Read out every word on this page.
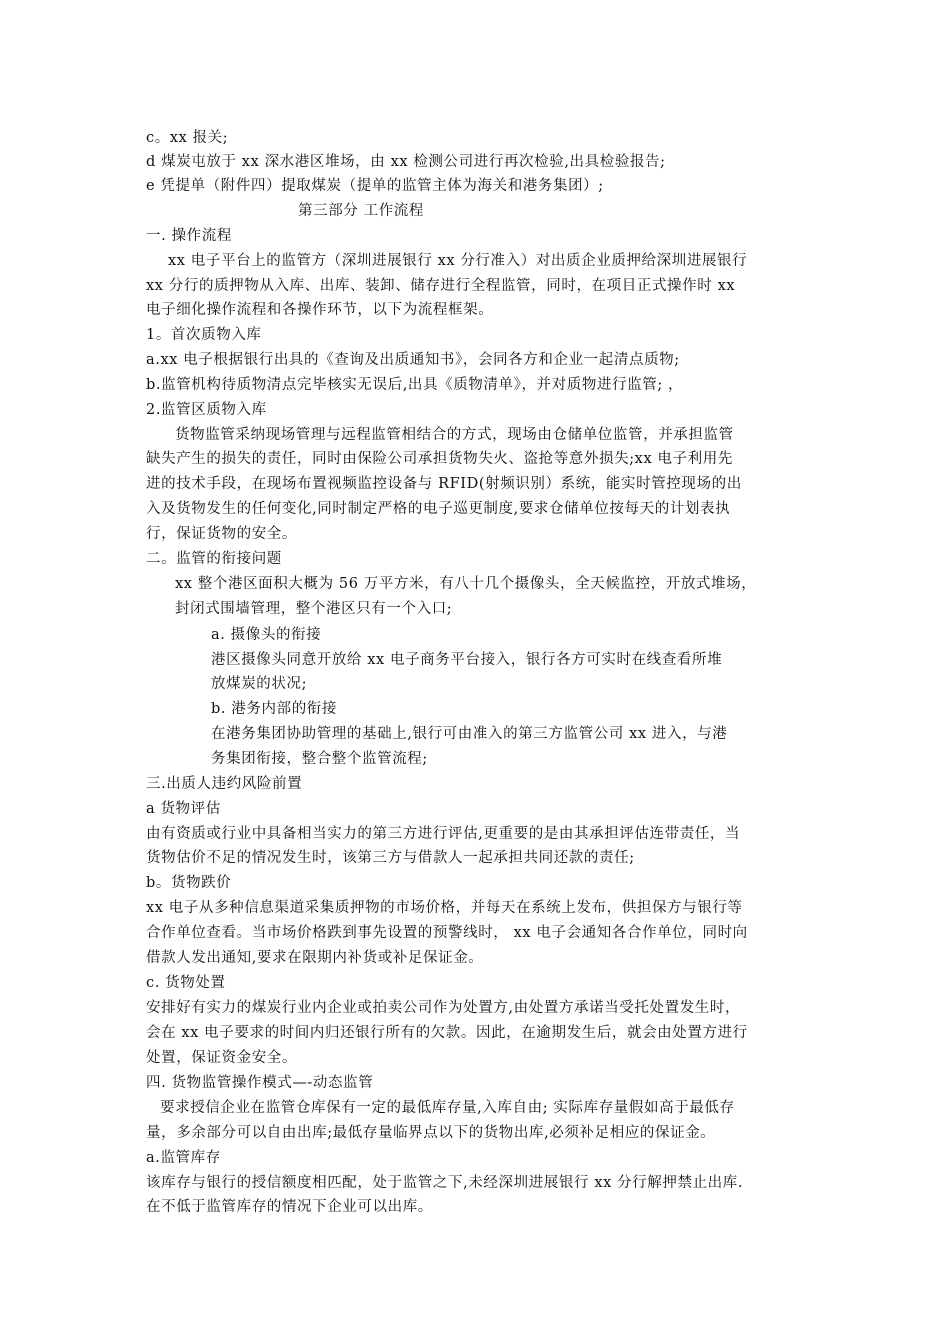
c。xx 报关;
d 煤炭屯放于 xx 深水港区堆场，由 xx 检测公司进行再次检验,出具检验报告;
e 凭提单（附件四）提取煤炭（提单的监管主体为海关和港务集团）;
第三部分 工作流程
一. 操作流程
xx 电子平台上的监管方（深圳进展银行 xx 分行准入）对出质企业质押给深圳进展银行
xx 分行的质押物从入库、出库、装卸、储存进行全程监管，同时，在项目正式操作时 xx
电子细化操作流程和各操作环节，以下为流程框架。
1。首次质物入库
a.xx 电子根据银行出具的《查询及出质通知书》，会同各方和企业一起清点质物;
b.监管机构待质物清点完毕核实无误后,出具《质物清单》，并对质物进行监管; ，
2.监管区质物入库
货物监管采纳现场管理与远程监管相结合的方式，现场由仓储单位监管，并承担监管
缺失产生的损失的责任，同时由保险公司承担货物失火、盗抢等意外损失;xx 电子利用先
进的技术手段，在现场布置视频监控设备与 RFID(射频识别）系统，能实时管控现场的出
入及货物发生的任何变化,同时制定严格的电子巡更制度,要求仓储单位按每天的计划表执
行，保证货物的安全。
二。监管的衔接问题
xx 整个港区面积大概为 56 万平方米，有八十几个摄像头，全天候监控，开放式堆场，
封闭式围墙管理，整个港区只有一个入口;
a. 摄像头的衔接
港区摄像头同意开放给 xx 电子商务平台接入，银行各方可实时在线查看所堆
放煤炭的状况;
b. 港务内部的衔接
在港务集团协助管理的基础上,银行可由准入的第三方监管公司 xx 进入，与港
务集团衔接，整合整个监管流程;
三.出质人违约风险前置
a 货物评估
由有资质或行业中具备相当实力的第三方进行评估,更重要的是由其承担评估连带责任，当
货物估价不足的情况发生时，该第三方与借款人一起承担共同还款的责任;
b。货物跌价
xx 电子从多种信息渠道采集质押物的市场价格，并每天在系统上发布，供担保方与银行等
合作单位查看。当市场价格跌到事先设置的预警线时， xx 电子会通知各合作单位，同时向
借款人发出通知,要求在限期内补货或补足保证金。
c. 货物处置
安排好有实力的煤炭行业内企业或拍卖公司作为处置方,由处置方承诺当受托处置发生时，
会在 xx 电子要求的时间内归还银行所有的欠款。因此，在逾期发生后，就会由处置方进行
处置，保证资金安全。
四. 货物监管操作模式—-动态监管
要求授信企业在监管仓库保有一定的最低库存量,入库自由; 实际库存量假如高于最低存
量，多余部分可以自由出库;最低存量临界点以下的货物出库,必须补足相应的保证金。
a.监管库存
该库存与银行的授信额度相匹配，处于监管之下,未经深圳进展银行 xx 分行解押禁止出库.
在不低于监管库存的情况下企业可以出库。
